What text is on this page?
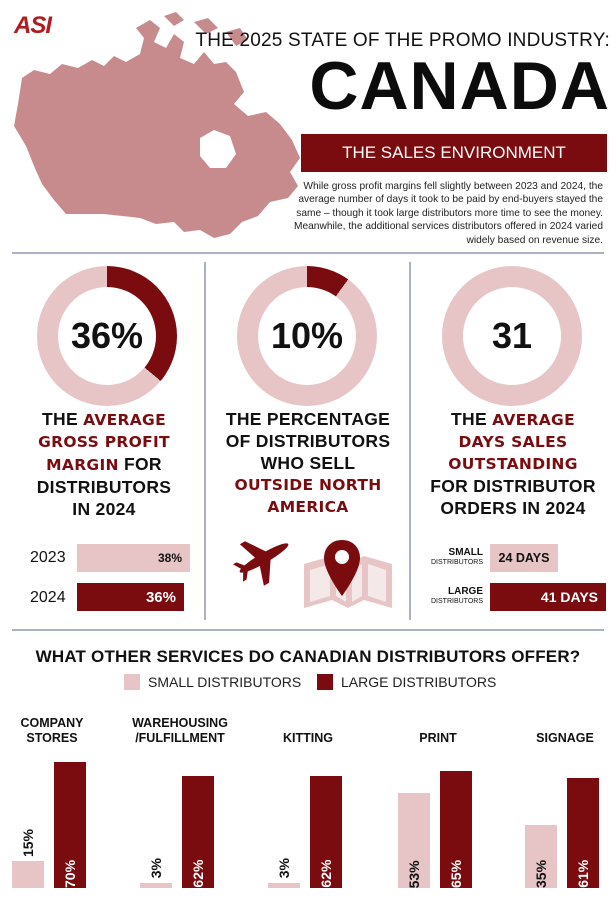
ASI
THE 2025 STATE OF THE PROMO INDUSTRY:
CANADA
THE SALES ENVIRONMENT
While gross profit margins fell slightly between 2023 and 2024, the average number of days it took to be paid by end-buyers stayed the same – though it took large distributors more time to see the money. Meanwhile, the additional services distributors offered in 2024 varied widely based on revenue size.
36%
THE AVERAGE
GROSS PROFIT
MARGIN FOR
DISTRIBUTORS
IN 2024
2023	38%
2024	36%
10%
THE PERCENTAGE
OF DISTRIBUTORS
WHO SELL
OUTSIDE NORTH
AMERICA
31
THE AVERAGE
DAYS SALES
OUTSTANDING
FOR DISTRIBUTOR
ORDERS IN 2024
SMALL
DISTRIBUTORS 24 DAYS
LARGE
DISTRIBUTORS	41 DAYS
WHAT OTHER SERVICES DO CANADIAN DISTRIBUTORS OFFER?
SMALL DISTRIBUTORS	LARGE DISTRIBUTORS
COMPANY
STORES
15%
70%
WAREHOUSING
/FULFILLMENT
3% 62%
KITTING
3% 62%
PRINT
53% 65%
SIGNAGE
35% 61%
